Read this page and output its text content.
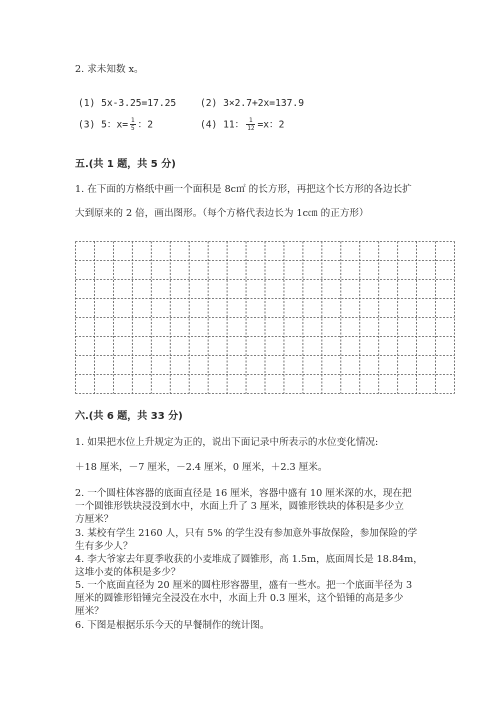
2. 求未知数 x。
(1) 5x-3.25=17.25 (2) 3×2.7+2x=137.9
(3) 5：$x= \frac{1}{5}$ ：2	(4) 11： $\frac{1}{12} =x$：2
五.(共 1 题，共 5 分)
1. 在下面的方格纸中画一个面积是 8c㎡ 的长方形，再把这个长方形的各边长扩
大到原来的 2 倍，画出图形。（每个方格代表边长为 1c㎝ 的正方形）
六.(共 6 题，共 33 分)
1. 如果把水位上升规定为正的，说出下面记录中所表示的水位变化情况:
＋18 厘米，－7 厘米，－2.4 厘米，0 厘米，＋2.3 厘米。
2. 一个圆柱体容器的底面直径是 16 厘米，容器中盛有 10 厘米深的水，现在把
一个圆锥形铁块浸没到水中，水面上升了 3 厘米，圆锥形铁块的体积是多少立
方厘米？
3. 某校有学生 2160 人，只有 5% 的学生没有参加意外事故保险，参加保险的学
生有多少人？
4. 李大爷家去年夏季收获的小麦堆成了圆锥形，高 1.5m，底面周长是 18.84m，
这堆小麦的体积是多少？
5. 一个底面直径为 20 厘米的圆柱形容器里，盛有一些水。把一个底面半径为 3
厘米的圆锥形铅锤完全浸没在水中，水面上升 0.3 厘米，这个铅锤的高是多少
厘米？
6. 下图是根据乐乐今天的早餐制作的统计图。
